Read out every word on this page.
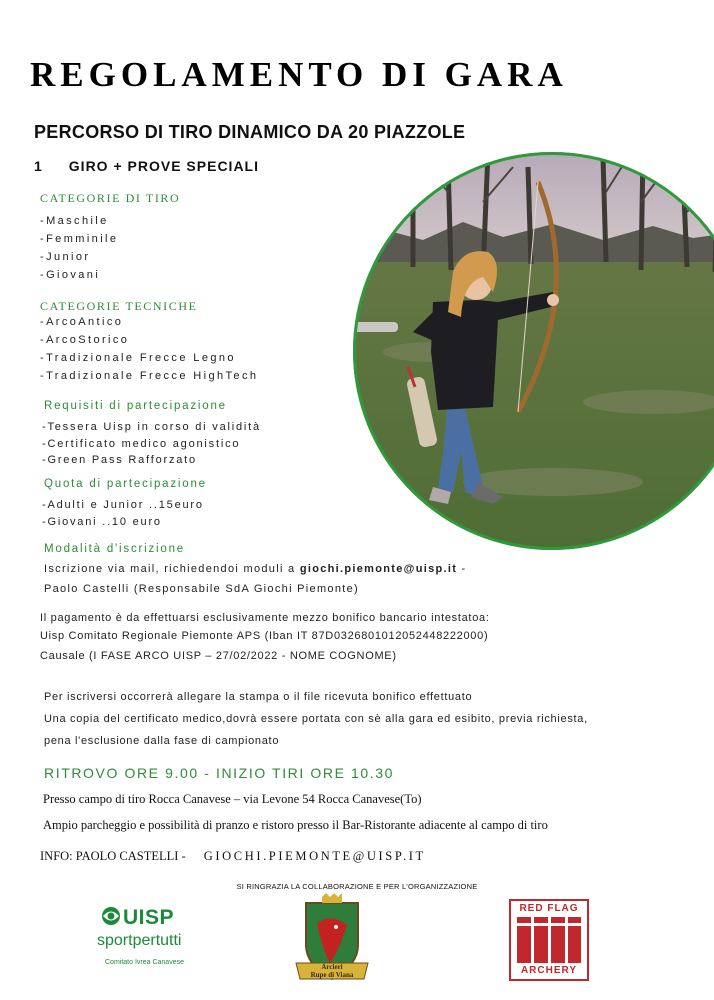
REGOLAMENTO DI GARA
PERCORSO DI TIRO DINAMICO DA 20 PIAZZOLE
1 GIRO + PROVE SPECIALI
CATEGORIE DI TIRO
-Maschile
-Femminile
-Junior
-Giovani
CATEGORIE TECNICHE
-ArcoAntico
-ArcoStorico
-Tradizionale Frecce Legno
-Tradizionale Frecce HighTech
Requisiti di partecipazione
-Tessera Uisp in corso di validità
-Certificato medico agonistico
-Green Pass Rafforzato
Quota di partecipazione
-Adulti e Junior ..15euro
-Giovani ..10 euro
Modalità d'iscrizione
Iscrizione via mail, richiedendoi moduli a giochi.piemonte@uisp.it -
Paolo Castelli (Responsabile SdA Giochi Piemonte)
Il pagamento è da effettuarsi esclusivamente mezzo bonifico bancario intestatoa:
Uisp Comitato Regionale Piemonte APS (Iban IT 87D0326801012052448222000)
Causale (I FASE ARCO UISP – 27/02/2022 - NOME COGNOME)
Per iscriversi occorrerà allegare la stampa o il file ricevuta bonifico effettuato
Una copia del certificato medico,dovrà essere portata con sè alla gara ed esibito, previa richiesta,
pena l'esclusione dalla fase di campionato
RITROVO ORE 9.00 - INIZIO TIRI ORE 10.30
Presso campo di tiro Rocca Canavese – via Levone 54 Rocca Canavese(To)
Ampio parcheggio e possibilità di pranzo e ristoro presso il Bar-Ristorante adiacente al campo di tiro
INFO: PAOLO CASTELLI - GIOCHI.PIEMONTE@UISP.IT
SI RINGRAZIA LA COLLABORAZIONE E PER L'ORGANIZZAZIONE
UISP
sportpertutti
Comitato Ivrea Canavese
Arcieri
Rupe di Viana
RED FLAG
ARCHERY
